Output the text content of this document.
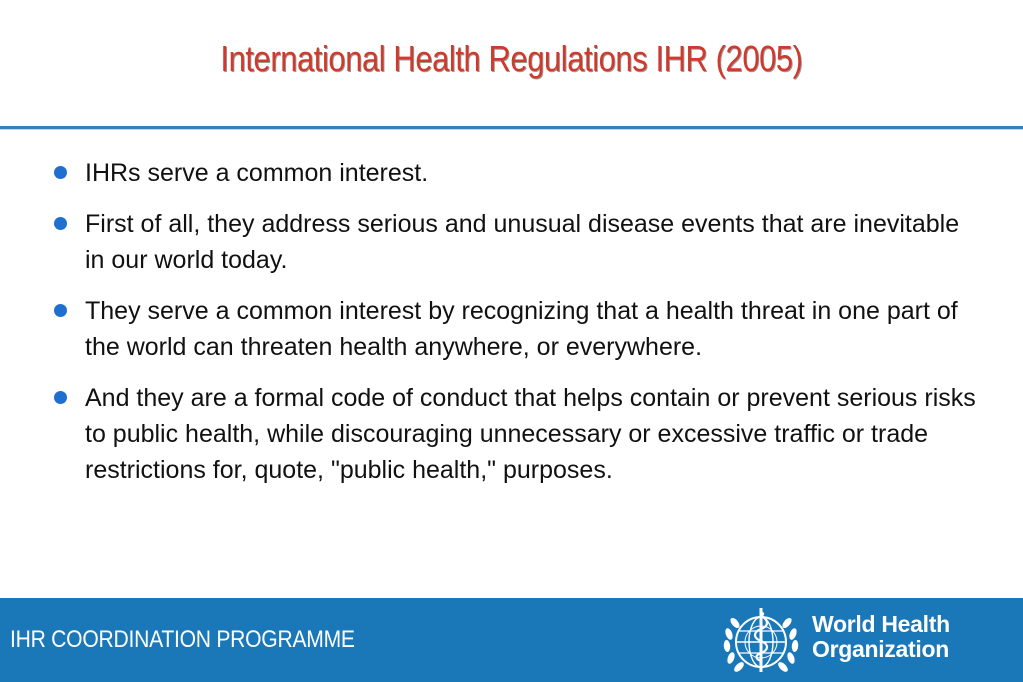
International Health Regulations IHR (2005)
IHRs serve a common interest.
First of all, they address serious and unusual disease events that are inevitable in our world today.
They serve a common interest by recognizing that a health threat in one part of the world can threaten health anywhere, or everywhere.
And they are a formal code of conduct that helps contain or prevent serious risks to public health, while discouraging unnecessary or excessive traffic or trade restrictions for, quote, "public health," purposes.
IHR COORDINATION PROGRAMME
World Health
Organization
